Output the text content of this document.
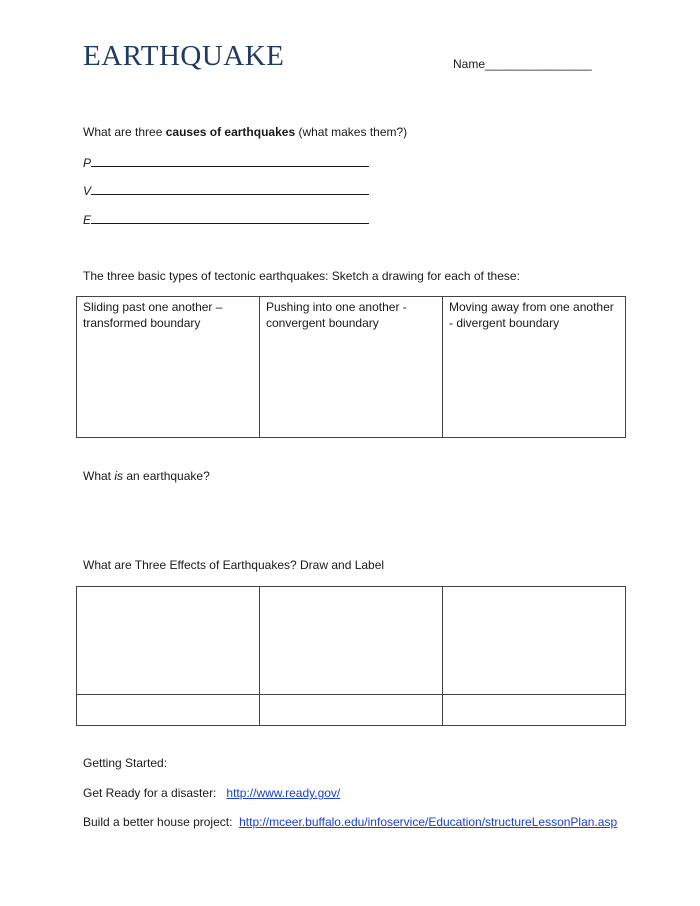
EARTHQUAKE	Name________________
What are three causes of earthquakes (what makes them?)
P
V
E
The three basic types of tectonic earthquakes: Sketch a drawing for each of these:
Sliding past one another – transformed boundary	Pushing into one another - convergent boundary	Moving away from one another - divergent boundary
What is an earthquake?
What are Three Effects of Earthquakes? Draw and Label

Getting Started:
Get Ready for a disaster: http://www.ready.gov/
Build a better house project: http://mceer.buffalo.edu/infoservice/Education/structureLessonPlan.asp
